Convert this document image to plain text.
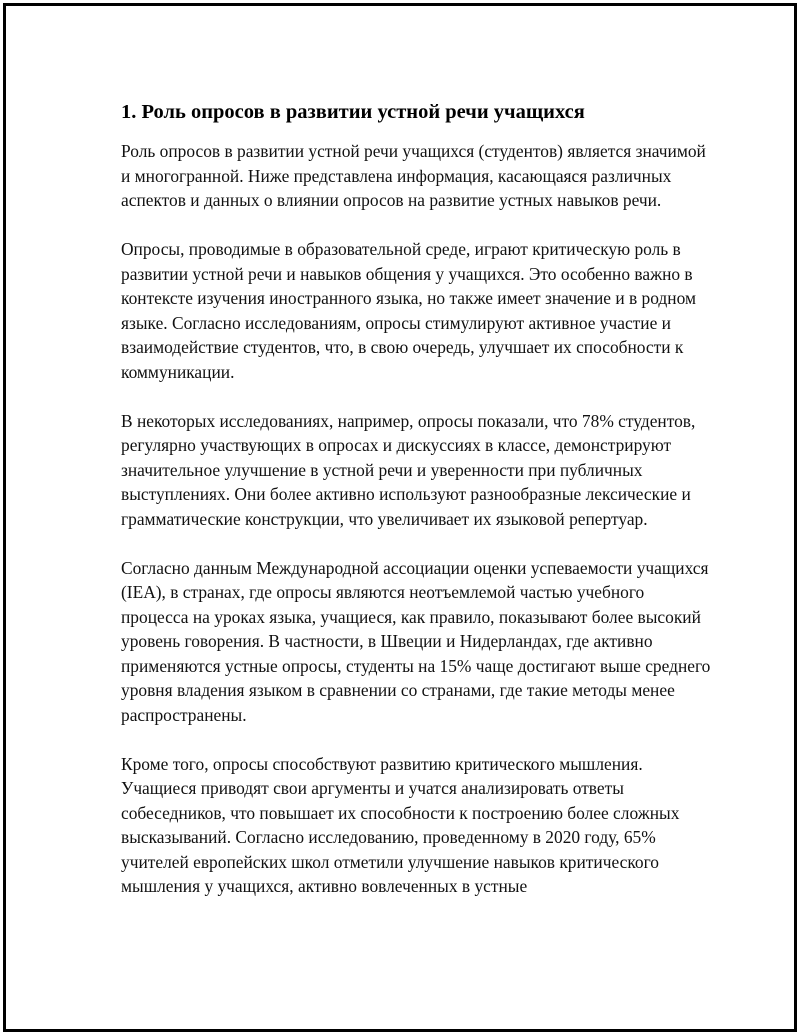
1. Роль опросов в развитии устной речи учащихся

Роль опросов в развитии устной речи учащихся (студентов) является значимой и многогранной. Ниже представлена информация, касающаяся различных аспектов и данных о влиянии опросов на развитие устных навыков речи.

Опросы, проводимые в образовательной среде, играют критическую роль в развитии устной речи и навыков общения у учащихся. Это особенно важно в контексте изучения иностранного языка, но также имеет значение и в родном языке. Согласно исследованиям, опросы стимулируют активное участие и взаимодействие студентов, что, в свою очередь, улучшает их способности к коммуникации.

В некоторых исследованиях, например, опросы показали, что 78% студентов, регулярно участвующих в опросах и дискуссиях в классе, демонстрируют значительное улучшение в устной речи и уверенности при публичных выступлениях. Они более активно используют разнообразные лексические и грамматические конструкции, что увеличивает их языковой репертуар.

Согласно данным Международной ассоциации оценки успеваемости учащихся (IEA), в странах, где опросы являются неотъемлемой частью учебного процесса на уроках языка, учащиеся, как правило, показывают более высокий уровень говорения. В частности, в Швеции и Нидерландах, где активно применяются устные опросы, студенты на 15% чаще достигают выше среднего уровня владения языком в сравнении со странами, где такие методы менее распространены.

Кроме того, опросы способствуют развитию критического мышления. Учащиеся приводят свои аргументы и учатся анализировать ответы собеседников, что повышает их способности к построению более сложных высказываний. Согласно исследованию, проведенному в 2020 году, 65% учителей европейских школ отметили улучшение навыков критического мышления у учащихся, активно вовлеченных в устные
